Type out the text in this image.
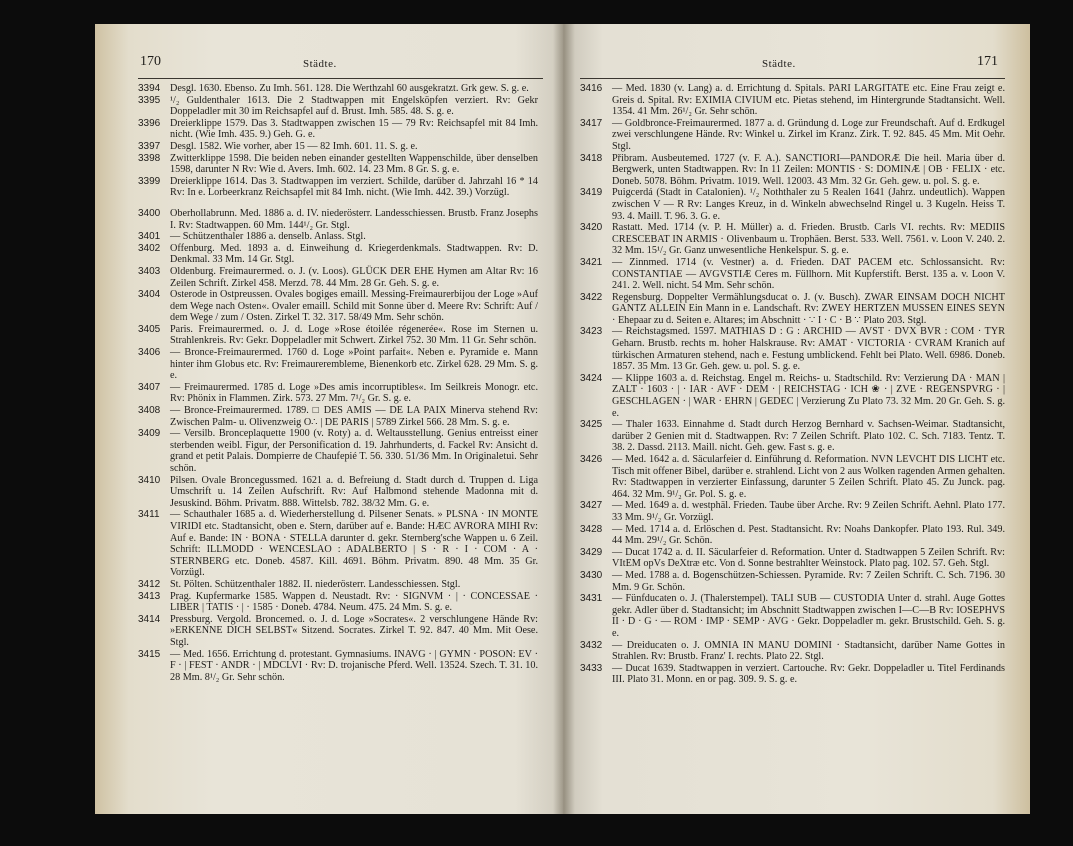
170	Städte.
3394 Desgl. 1630. Ebenso. Zu Imh. 561. 128. Die Werthzahl 60 ausgekratzt. Grk gew. S. g. e.
3395 ¹/₂ Guldenthaler 1613. Die 2 Stadtwappen mit Engelsköpfen verziert. Rv: Gekr Doppeladler mit 30 im Reichsapfel auf d. Brust. Imh. 585. 48. S. g. e.
3396 Dreierklippe 1579. Das 3. Stadtwappen zwischen 15 — 79 Rv: Reichsapfel mit 84 Imh. nicht. (Wie Imh. 435. 9.) Geh. G. e.
3397 Desgl. 1582. Wie vorher, aber 15 — 82 Imh. 601. 11. S. g. e.
3398 Zwitterklippe 1598. Die beiden neben einander gestellten Wappenschilde, über denselben 1598, darunter N Rv: Wie d. Avers. Imh. 602. 14. 23 Mm. 8 Gr. S. g. e.
3399 Dreierklippe 1614. Das 3. Stadtwappen im verziert. Schilde, darüber d. Jahrzahl 16 * 14 Rv: In e. Lorbeerkranz Reichsapfel mit 84 Imh. nicht. (Wie Imh. 442. 39.) Vorzügl.
3400 Oberhollabrunn. Med. 1886 a. d. IV. niederösterr. Landesschiessen. Brustb. Franz Josephs I. Rv: Stadtwappen. 60 Mm. 144¹/₂ Gr. Stgl.
3401 — Schützenthaler 1886 a. denselb. Anlass. Stgl.
3402 Offenburg. Med. 1893 a. d. Einweihung d. Kriegerdenkmals. Stadtwappen. Rv: D. Denkmal. 33 Mm. 14 Gr. Stgl.
3403 Oldenburg. Freimaurermed. o. J. (v. Loos). GLÜCK DER EHE Hymen am Altar Rv: 16 Zeilen Schrift. Zirkel 458. Merzd. 78. 44 Mm. 28 Gr. Geh. S. g. e.
3404 Osterode in Ostpreussen. Ovales bogiges emaill. Messing-Freimaurerbijou der Loge »Auf dem Wege nach Osten«. Ovaler emaill. Schild mit Sonne über d. Meere Rv: Schrift: Auf / dem Wege / zum / Osten. Zirkel T. 32. 317. 58/49 Mm. Sehr schön.
3405 Paris. Freimaurermed. o. J. d. Loge »Rose étoilée régenerée«. Rose im Sternen u. Strahlenkreis. Rv: Gekr. Doppeladler mit Schwert. Zirkel 752. 30 Mm. 11 Gr. Sehr schön.
3406 — Bronce-Freimaurermed. 1760 d. Loge »Point parfait«. Neben e. Pyramide e. Mann hinter ihm Globus etc. Rv: Freimaurerembleme, Bienenkorb etc. Zirkel 628. 29 Mm. S. g. e.
3407 — Freimaurermed. 1785 d. Loge »Des amis incorruptibles«. Im Seilkreis Monogr. etc. Rv: Phönix in Flammen. Zirk. 573. 27 Mm. 7¹/₂ Gr. S. g. e.
3408 — Bronce-Freimaurermed. 1789. □ DES AMIS — DE LA PAIX Minerva stehend Rv: Zwischen Palm- u. Olivenzweig O∴ | DE PARIS | 5789 Zirkel 566. 28 Mm. S. g. e.
3409 — Versilb. Bronceplaquette 1900 (v. Roty) a. d. Weltausstellung. Genius entreisst einer sterbenden weibl. Figur, der Personification d. 19. Jahrhunderts, d. Fackel Rv: Ansicht d. grand et petit Palais. Dompierre de Chaufepié T. 56. 330. 51/36 Mm. In Originaletui. Sehr schön.
3410 Pilsen. Ovale Broncegussmed. 1621 a. d. Befreiung d. Stadt durch d. Truppen d. Liga Umschrift u. 14 Zeilen Aufschrift. Rv: Auf Halbmond stehende Madonna mit d. Jesuskind. Böhm. Privatm. 888. Wittelsb. 782. 38/32 Mm. G. e.
3411 — Schauthaler 1685 a. d. Wiederherstellung d. Pilsener Senats. » PLSNA · IN MONTE VIRIDI etc. Stadtansicht, oben e. Stern, darüber auf e. Bande: HÆC AVRORA MIHI Rv: Auf e. Bande: IN · BONA · STELLA darunter d. gekr. Sternberg'sche Wappen u. 6 Zeil. Schrift: ILLMODD · WENCESLAO : ADALBERTO | S · R · I · COM · A · STERNBERG etc. Doneb. 4587. Kill. 4691. Böhm. Privatm. 890. 48 Mm. 35 Gr. Vorzügl.
3412 St. Pölten. Schützenthaler 1882. II. niederösterr. Landesschiessen. Stgl.
3413 Prag. Kupfermarke 1585. Wappen d. Neustadt. Rv: · SIGNVM · | · CONCESSAE · LIBER | TATIS · | · 1585 · Doneb. 4784. Neum. 475. 24 Mm. S. g. e.
3414 Pressburg. Vergold. Broncemed. o. J. d. Loge »Socrates«. 2 verschlungene Hände Rv: »ERKENNE DICH SELBST« Sitzend. Socrates. Zirkel T. 92. 847. 40 Mm. Mit Oese. Stgl.
3415 — Med. 1656. Errichtung d. protestant. Gymnasiums. INAVG · | GYMN · POSON: EV · F · | FEST · ANDR · | MDCLVI · Rv: D. trojanische Pferd. Well. 13524. Szech. T. 31. 10. 28 Mm. 8¹/₂ Gr. Sehr schön.
Städte.	171
3416 — Med. 1830 (v. Lang) a. d. Errichtung d. Spitals. PARI LARGITATE etc. Eine Frau zeigt e. Greis d. Spital. Rv: EXIMIA CIVIUM etc. Pietas stehend, im Hintergrunde Stadtansicht. Well. 1354. 41 Mm. 26¹/₂ Gr. Sehr schön.
3417 — Goldbronce-Freimaurermed. 1877 a. d. Gründung d. Loge zur Freundschaft. Auf d. Erdkugel zwei verschlungene Hände. Rv: Winkel u. Zirkel im Kranz. Zirk. T. 92. 845. 45 Mm. Mit Oehr. Stgl.
3418 Přibram. Ausbeutemed. 1727 (v. F. A.). SANCTIORI—PANDORÆ Die heil. Maria über d. Bergwerk, unten Stadtwappen. Rv: In 11 Zeilen: MONTIS · S: DOMINÆ | OB · FELIX · etc. Doneb. 5078. Böhm. Privatm. 1019. Well. 12003. 43 Mm. 32 Gr. Geh. gew. u. pol. S. g. e.
3419 Puigcerdá (Stadt in Catalonien). ¹/₂ Noththaler zu 5 Realen 1641 (Jahrz. undeutlich). Wappen zwischen V — R Rv: Langes Kreuz, in d. Winkeln abwechselnd Ringel u. 3 Kugeln. Heiss T. 93. 4. Maill. T. 96. 3. G. e.
3420 Rastatt. Med. 1714 (v. P. H. Müller) a. d. Frieden. Brustb. Carls VI. rechts. Rv: MEDIIS CRESCEBAT IN ARMIS · Olivenbaum u. Trophäen. Berst. 533. Well. 7561. v. Loon V. 240. 2. 32 Mm. 15¹/₂ Gr. Ganz unwesentliche Henkelspur. S. g. e.
3421 — Zinnmed. 1714 (v. Vestner) a. d. Frieden. DAT PACEM etc. Schlossansicht. Rv: CONSTANTIAE — AVGVSTIÆ Ceres m. Füllhorn. Mit Kupferstift. Berst. 135 a. v. Loon V. 241. 2. Well. nicht. 54 Mm. Sehr schön.
3422 Regensburg. Doppelter Vermählungsducat o. J. (v. Busch). ZWAR EINSAM DOCH NICHT GANTZ ALLEIN Ein Mann in e. Landschaft. Rv: ZWEY HERTZEN MUSSEN EINES SEYN · Ehepaar zu d. Seiten e. Altares; im Abschnitt · ∵ I · C · B ∵ Plato 203. Stgl.
3423 — Reichstagsmed. 1597. MATHIAS D : G : ARCHID — AVST · DVX BVR : COM · TYR Geharn. Brustb. rechts m. hoher Halskrause. Rv: AMAT · VICTORIA · CVRAM Kranich auf türkischen Armaturen stehend, nach e. Festung umblickend. Fehlt bei Plato. Well. 6986. Doneb. 1857. 35 Mm. 13 Gr. Geh. gew. u. pol. S. g. e.
3424 — Klippe 1603 a. d. Reichstag. Engel m. Reichs- u. Stadtschild. Rv: Verzierung DA · MAN | ZALT · 1603 · | · IAR · AVF · DEM · | REICHSTAG · ICH ❀ · | ZVE · REGENSPVRG · | GESCHLAGEN · | WAR · EHRN | GEDEC | Verzierung Zu Plato 73. 32 Mm. 20 Gr. Geh. S. g. e.
3425 — Thaler 1633. Einnahme d. Stadt durch Herzog Bernhard v. Sachsen-Weimar. Stadtansicht, darüber 2 Genien mit d. Stadtwappen. Rv: 7 Zeilen Schrift. Plato 102. C. Sch. 7183. Tentz. T. 38. 2. Dassd. 2113. Maill. nicht. Geh. gew. Fast s. g. e.
3426 — Med. 1642 a. d. Säcularfeier d. Einführung d. Reformation. NVN LEVCHT DIS LICHT etc. Tisch mit offener Bibel, darüber e. strahlend. Licht von 2 aus Wolken ragenden Armen gehalten. Rv: Stadtwappen in verzierter Einfassung, darunter 5 Zeilen Schrift. Plato 45. Zu Junck. pag. 464. 32 Mm. 9¹/₂ Gr. Pol. S. g. e.
3427 — Med. 1649 a. d. westphäl. Frieden. Taube über Arche. Rv: 9 Zeilen Schrift. Aehnl. Plato 177. 33 Mm. 9¹/₂ Gr. Vorzügl.
3428 — Med. 1714 a. d. Erlöschen d. Pest. Stadtansicht. Rv: Noahs Dankopfer. Plato 193. Rul. 349. 44 Mm. 29¹/₂ Gr. Schön.
3429 — Ducat 1742 a. d. II. Säcularfeier d. Reformation. Unter d. Stadtwappen 5 Zeilen Schrift. Rv: VItEM opVs DeXtræ etc. Von d. Sonne bestrahlter Weinstock. Plato pag. 102. 57. Geh. Stgl.
3430 — Med. 1788 a. d. Bogenschützen-Schiessen. Pyramide. Rv: 7 Zeilen Schrift. C. Sch. 7196. 30 Mm. 9 Gr. Schön.
3431 — Fünfducaten o. J. (Thalerstempel). TALI SUB — CUSTODIA Unter d. strahl. Auge Gottes gekr. Adler über d. Stadtansicht; im Abschnitt Stadtwappen zwischen I—C—B Rv: IOSEPHVS II · D · G · — ROM · IMP · SEMP · AVG · Gekr. Doppeladler m. gekr. Brustschild. Geh. S. g. e.
3432 — Dreiducaten o. J. OMNIA IN MANU DOMINI · Stadtansicht, darüber Name Gottes in Strahlen. Rv: Brustb. Franz' I. rechts. Plato 22. Stgl.
3433 — Ducat 1639. Stadtwappen in verziert. Cartouche. Rv: Gekr. Doppeladler u. Titel Ferdinands III. Plato 31. Monn. en or pag. 309. 9. S. g. e.
